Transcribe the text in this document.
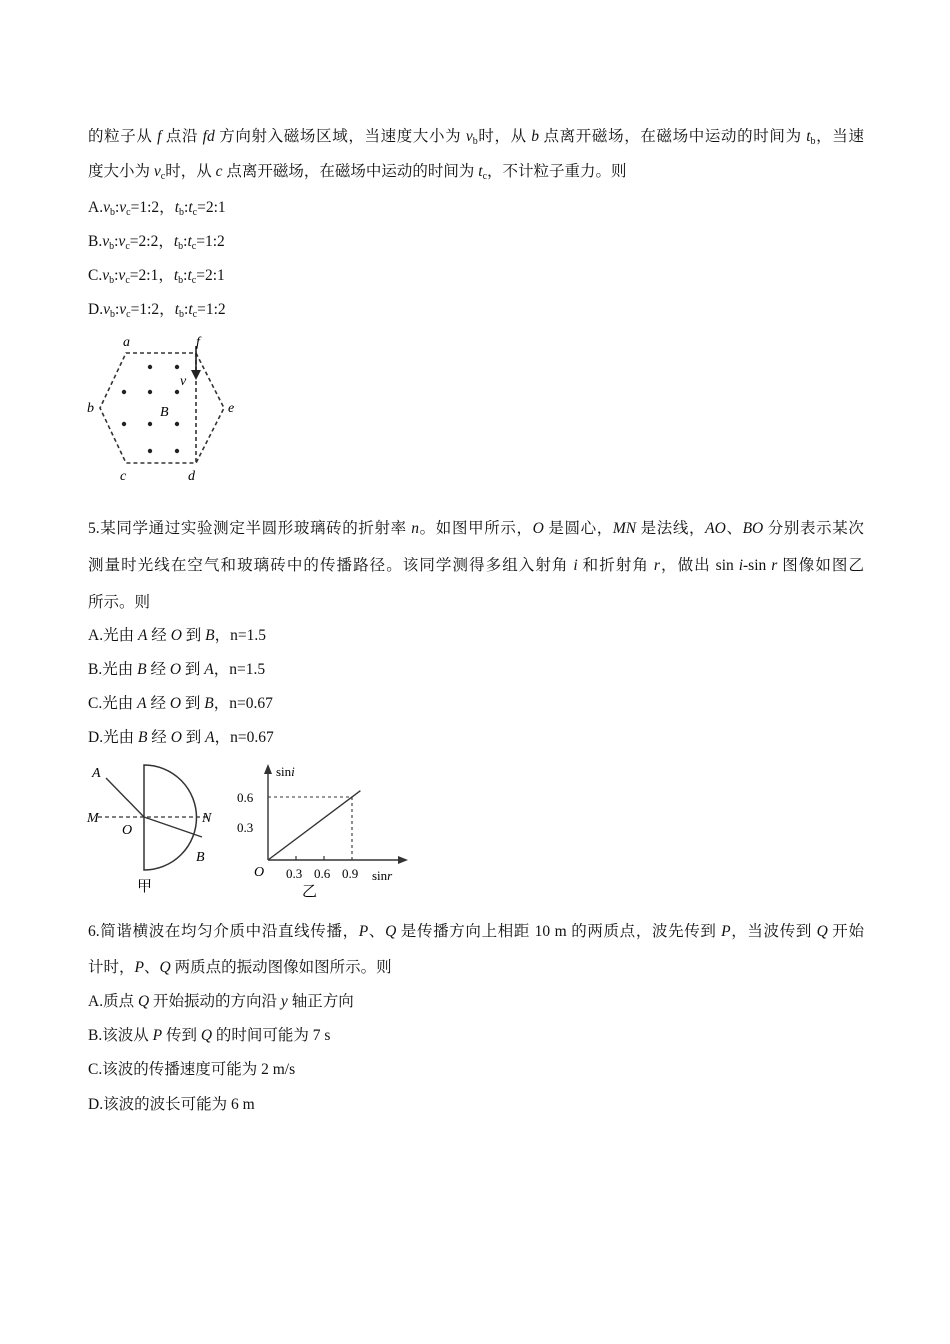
的粒子从 f 点沿 fd 方向射入磁场区域，当速度大小为 $v_b$时，从 b 点离开磁场，在磁场中运动的时间为 $t_b$，当速
度大小为 $v_c$时，从 c 点离开磁场，在磁场中运动的时间为 $t_c$，不计粒子重力。则
$A.v_b:v_c=1:2$，$t_b:t_c=2:1$
$B.v_b:v_c=2:2$，$t_b:t_c=1:2$
$C.v_b:v_c=2:1$，$t_b:t_c=2:1$
$D.v_b:v_c=1:2$，$t_b:t_c=1:2$
a	f
b	e
c	d
v
B
5.某同学通过实验测定半圆形玻璃砖的折射率 n。如图甲所示，O 是圆心，MN 是法线，AO、BO 分别表示某次
测量时光线在空气和玻璃砖中的传播路径。该同学测得多组入射角 i 和折射角 r，做出 sin i-sin r 图像如图乙
所示。则
A.光由 A 经 O 到 B，n=1.5
B.光由 B 经 O 到 A，n=1.5
C.光由 A 经 O 到 B，n=0.67
D.光由 B 经 O 到 A，n=0.67
A
M
O
N
B
甲
sini
0.6
0.3
O 0.3 0.6 0.9 sinr
乙
6.简谐横波在均匀介质中沿直线传播，P、Q 是传播方向上相距 10 m 的两质点，波先传到 P，当波传到 Q 开始
计时，P、Q 两质点的振动图像如图所示。则
A.质点 Q 开始振动的方向沿 y 轴正方向
B.该波从 P 传到 Q 的时间可能为 7 s
C.该波的传播速度可能为 2 m/s
D.该波的波长可能为 6 m
